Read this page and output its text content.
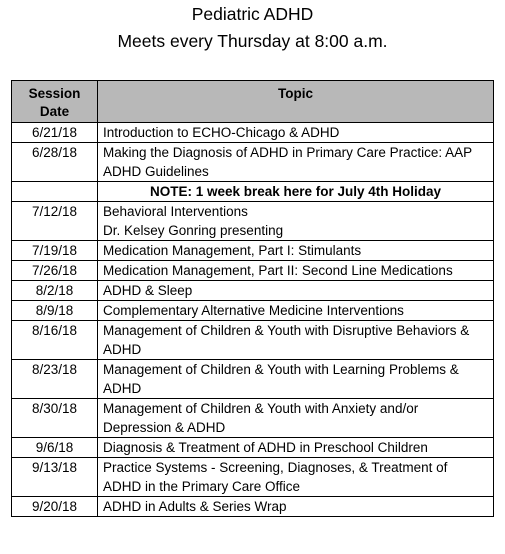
Pediatric ADHD
Meets every Thursday at 8:00 a.m.
Session Date	Topic
6/21/18	Introduction to ECHO-Chicago & ADHD
6/28/18	Making the Diagnosis of ADHD in Primary Care Practice: AAP ADHD Guidelines
	NOTE: 1 week break here for July 4th Holiday
7/12/18	Behavioral Interventions
Dr. Kelsey Gonring presenting
7/19/18	Medication Management, Part I: Stimulants
7/26/18	Medication Management, Part II: Second Line Medications
8/2/18	ADHD & Sleep
8/9/18	Complementary Alternative Medicine Interventions
8/16/18	Management of Children & Youth with Disruptive Behaviors & ADHD
8/23/18	Management of Children & Youth with Learning Problems & ADHD
8/30/18	Management of Children & Youth with Anxiety and/or Depression & ADHD
9/6/18	Diagnosis & Treatment of ADHD in Preschool Children
9/13/18	Practice Systems - Screening, Diagnoses, & Treatment of ADHD in the Primary Care Office
9/20/18	ADHD in Adults & Series Wrap
